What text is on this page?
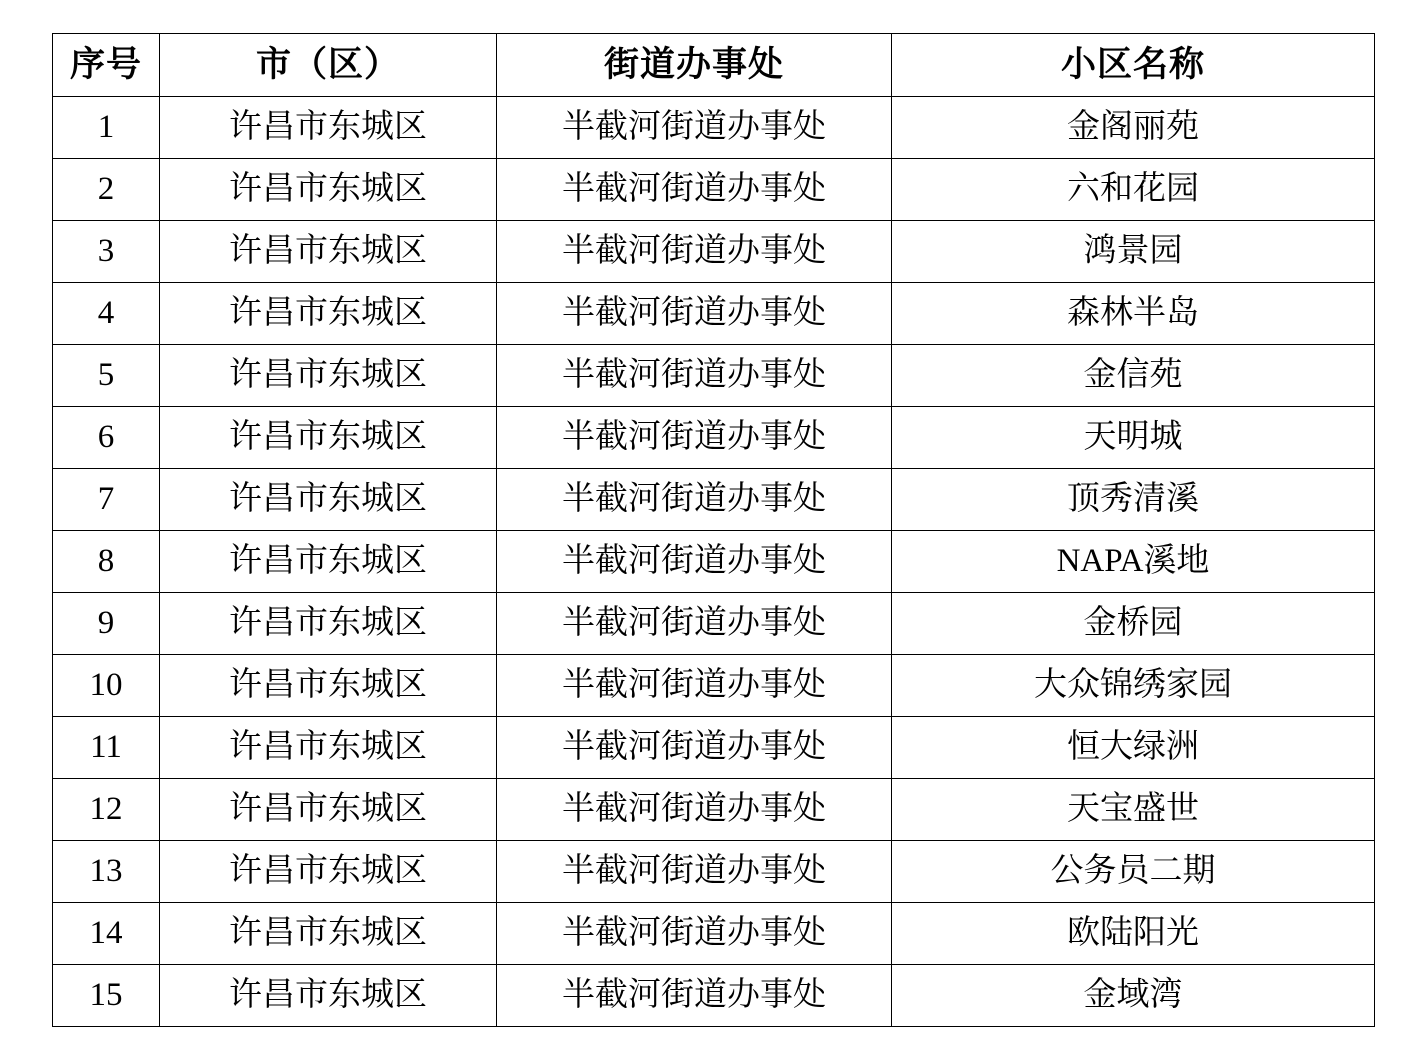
序号	市（区）	街道办事处	小区名称
1	许昌市东城区	半截河街道办事处	金阁丽苑
2	许昌市东城区	半截河街道办事处	六和花园
3	许昌市东城区	半截河街道办事处	鸿景园
4	许昌市东城区	半截河街道办事处	森林半岛
5	许昌市东城区	半截河街道办事处	金信苑
6	许昌市东城区	半截河街道办事处	天明城
7	许昌市东城区	半截河街道办事处	顶秀清溪
8	许昌市东城区	半截河街道办事处	NAPA溪地
9	许昌市东城区	半截河街道办事处	金桥园
10	许昌市东城区	半截河街道办事处	大众锦绣家园
11	许昌市东城区	半截河街道办事处	恒大绿洲
12	许昌市东城区	半截河街道办事处	天宝盛世
13	许昌市东城区	半截河街道办事处	公务员二期
14	许昌市东城区	半截河街道办事处	欧陆阳光
15	许昌市东城区	半截河街道办事处	金域湾
